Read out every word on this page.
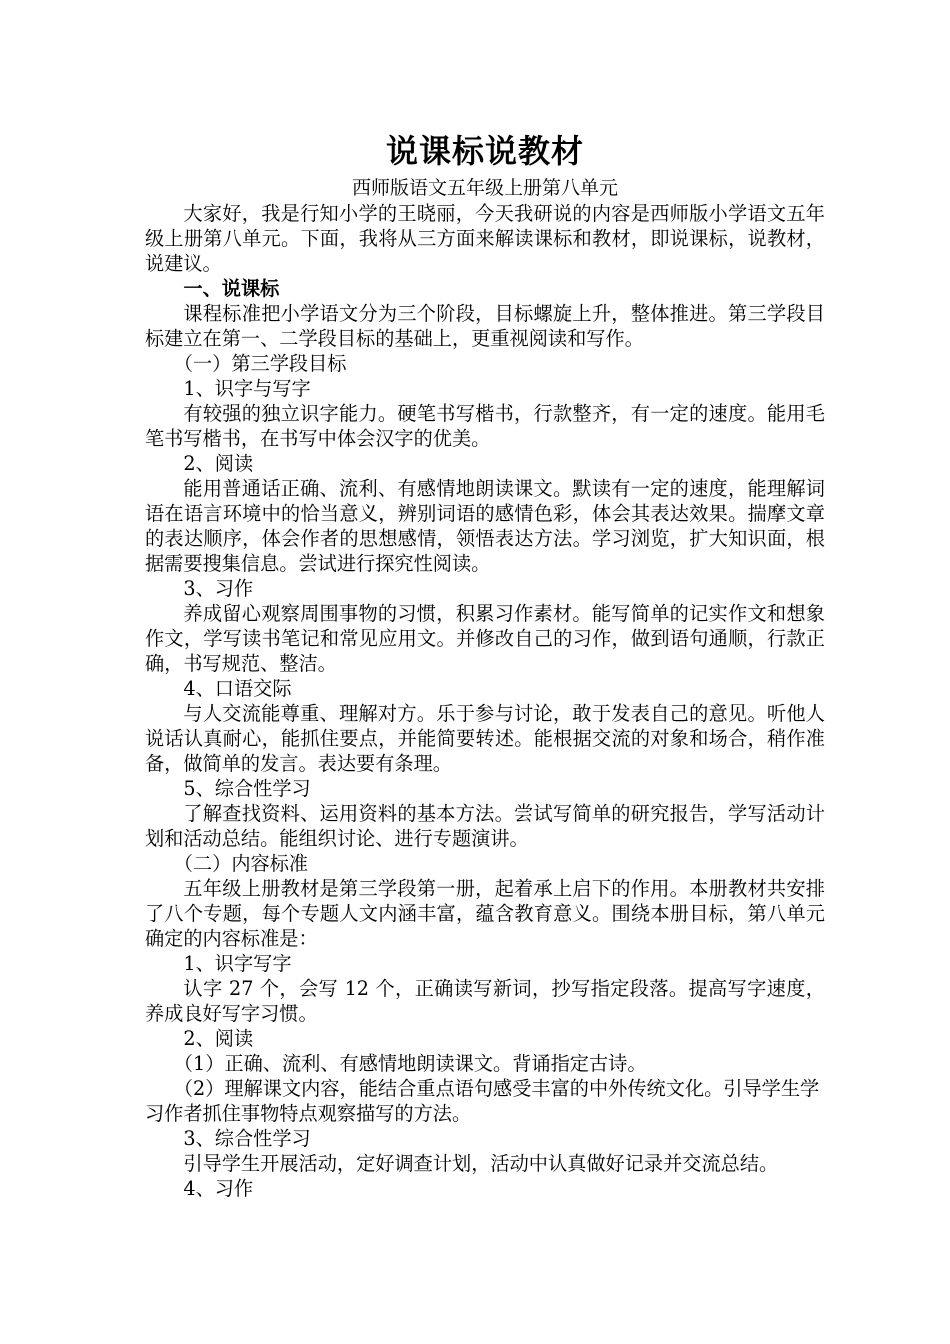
说课标说教材
西师版语文五年级上册第八单元

大家好，我是行知小学的王晓丽，今天我研说的内容是西师版小学语文五年级上册第八单元。下面，我将从三方面来解读课标和教材，即说课标，说教材，说建议。

一、说课标

课程标准把小学语文分为三个阶段，目标螺旋上升，整体推进。第三学段目标建立在第一、二学段目标的基础上，更重视阅读和写作。

（一）第三学段目标

1、识字与写字

有较强的独立识字能力。硬笔书写楷书，行款整齐，有一定的速度。能用毛笔书写楷书，在书写中体会汉字的优美。

2、阅读

能用普通话正确、流利、有感情地朗读课文。默读有一定的速度，能理解词语在语言环境中的恰当意义，辨别词语的感情色彩，体会其表达效果。揣摩文章的表达顺序，体会作者的思想感情，领悟表达方法。学习浏览，扩大知识面，根据需要搜集信息。尝试进行探究性阅读。

3、习作

养成留心观察周围事物的习惯，积累习作素材。能写简单的记实作文和想象作文，学写读书笔记和常见应用文。并修改自己的习作，做到语句通顺，行款正确，书写规范、整洁。

4、口语交际

与人交流能尊重、理解对方。乐于参与讨论，敢于发表自己的意见。听他人说话认真耐心，能抓住要点，并能简要转述。能根据交流的对象和场合，稍作准备，做简单的发言。表达要有条理。

5、综合性学习

了解查找资料、运用资料的基本方法。尝试写简单的研究报告，学写活动计划和活动总结。能组织讨论、进行专题演讲。

（二）内容标准

五年级上册教材是第三学段第一册，起着承上启下的作用。本册教材共安排了八个专题，每个专题人文内涵丰富，蕴含教育意义。围绕本册目标，第八单元确定的内容标准是：

1、识字写字

认字 27 个，会写 12 个，正确读写新词，抄写指定段落。提高写字速度，养成良好写字习惯。

2、阅读

（1）正确、流利、有感情地朗读课文。背诵指定古诗。

（2）理解课文内容，能结合重点语句感受丰富的中外传统文化。引导学生学习作者抓住事物特点观察描写的方法。

3、综合性学习

引导学生开展活动，定好调查计划，活动中认真做好记录并交流总结。

4、习作
